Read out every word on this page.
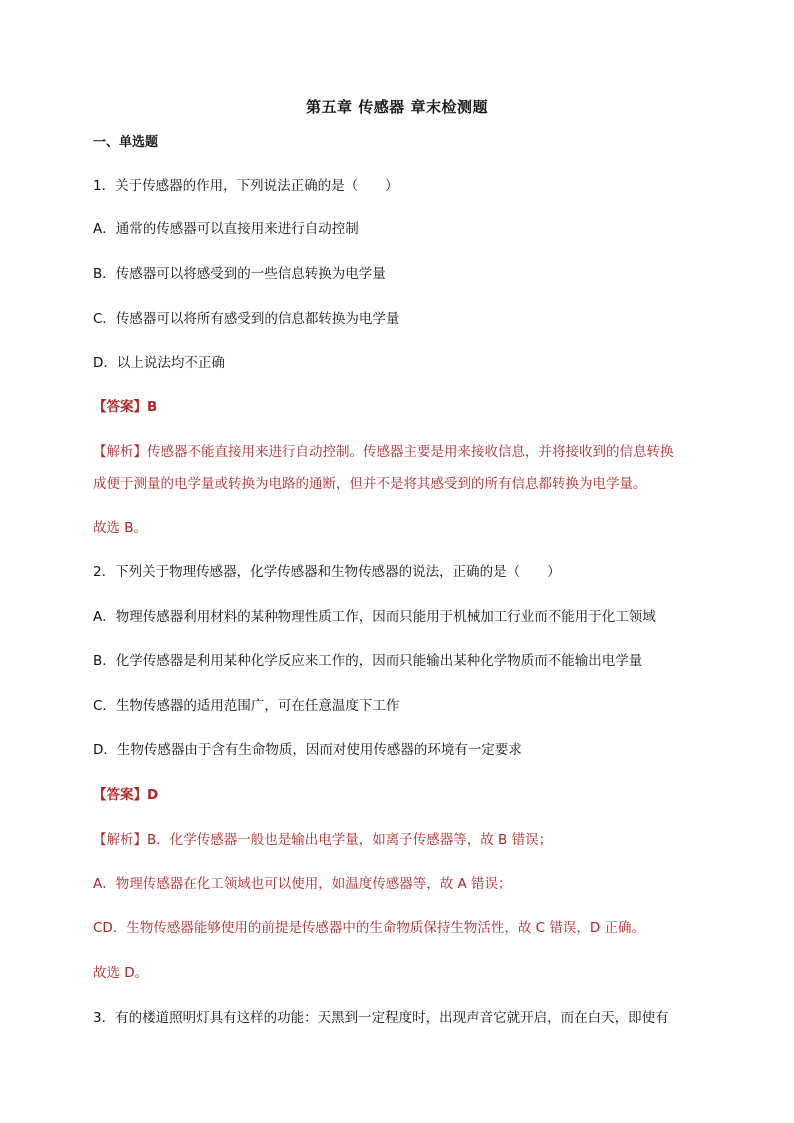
第五章 传感器 章末检测题
一、单选题
1．关于传感器的作用，下列说法正确的是（　　）
A．通常的传感器可以直接用来进行自动控制
B．传感器可以将感受到的一些信息转换为电学量
C．传感器可以将所有感受到的信息都转换为电学量
D．以上说法均不正确
【答案】B
【解析】传感器不能直接用来进行自动控制。传感器主要是用来接收信息，并将接收到的信息转换
成便于测量的电学量或转换为电路的通断，但并不是将其感受到的所有信息都转换为电学量。
故选 B。
2．下列关于物理传感器，化学传感器和生物传感器的说法，正确的是（　　）
A．物理传感器利用材料的某种物理性质工作，因而只能用于机械加工行业而不能用于化工领域
B．化学传感器是利用某种化学反应来工作的，因而只能输出某种化学物质而不能输出电学量
C．生物传感器的适用范围广，可在任意温度下工作
D．生物传感器由于含有生命物质，因而对使用传感器的环境有一定要求
【答案】D
【解析】B．化学传感器一般也是输出电学量，如离子传感器等，故 B 错误；
A．物理传感器在化工领域也可以使用，如温度传感器等，故 A 错误；
CD．生物传感器能够使用的前提是传感器中的生命物质保持生物活性，故 C 错误，D 正确。
故选 D。
3．有的楼道照明灯具有这样的功能：天黑到一定程度时，出现声音它就开启，而在白天，即使有
